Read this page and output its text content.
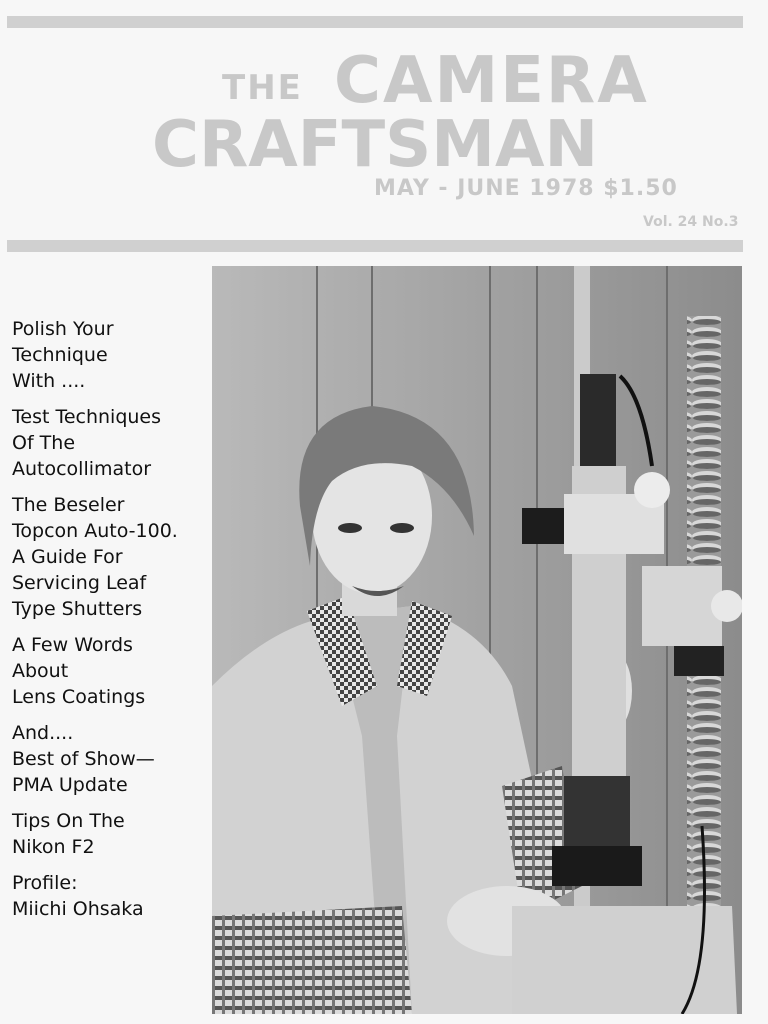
THE CAMERA
CRAFTSMAN
MAY - JUNE 1978 $1.50
Vol. 24 No.3
Polish Your
Technique
With ....
Test Techniques
Of The
Autocollimator
The Beseler
Topcon Auto-100.
A Guide For
Servicing Leaf
Type Shutters
A Few Words
About
Lens Coatings
And....
Best of Show—
PMA Update
Tips On The
Nikon F2
Profile:
Miichi Ohsaka
